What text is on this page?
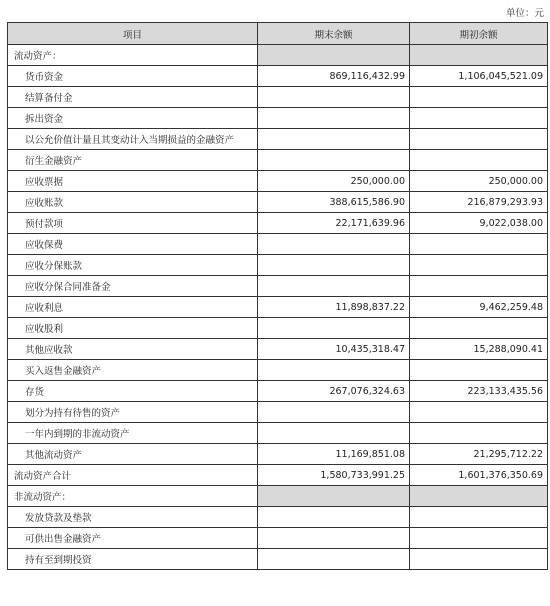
单位：元
项目	期末余额	期初余额
流动资产：		
货币资金	869,116,432.99	1,106,045,521.09
结算备付金		
拆出资金		
以公允价值计量且其变动计入当期损益的金融资产		
衍生金融资产		
应收票据	250,000.00	250,000.00
应收账款	388,615,586.90	216,879,293.93
预付款项	22,171,639.96	9,022,038.00
应收保费		
应收分保账款		
应收分保合同准备金		
应收利息	11,898,837.22	9,462,259.48
应收股利		
其他应收款	10,435,318.47	15,288,090.41
买入返售金融资产		
存货	267,076,324.63	223,133,435.56
划分为持有待售的资产		
一年内到期的非流动资产		
其他流动资产	11,169,851.08	21,295,712.22
流动资产合计	1,580,733,991.25	1,601,376,350.69
非流动资产：		
发放贷款及垫款		
可供出售金融资产		
持有至到期投资		
